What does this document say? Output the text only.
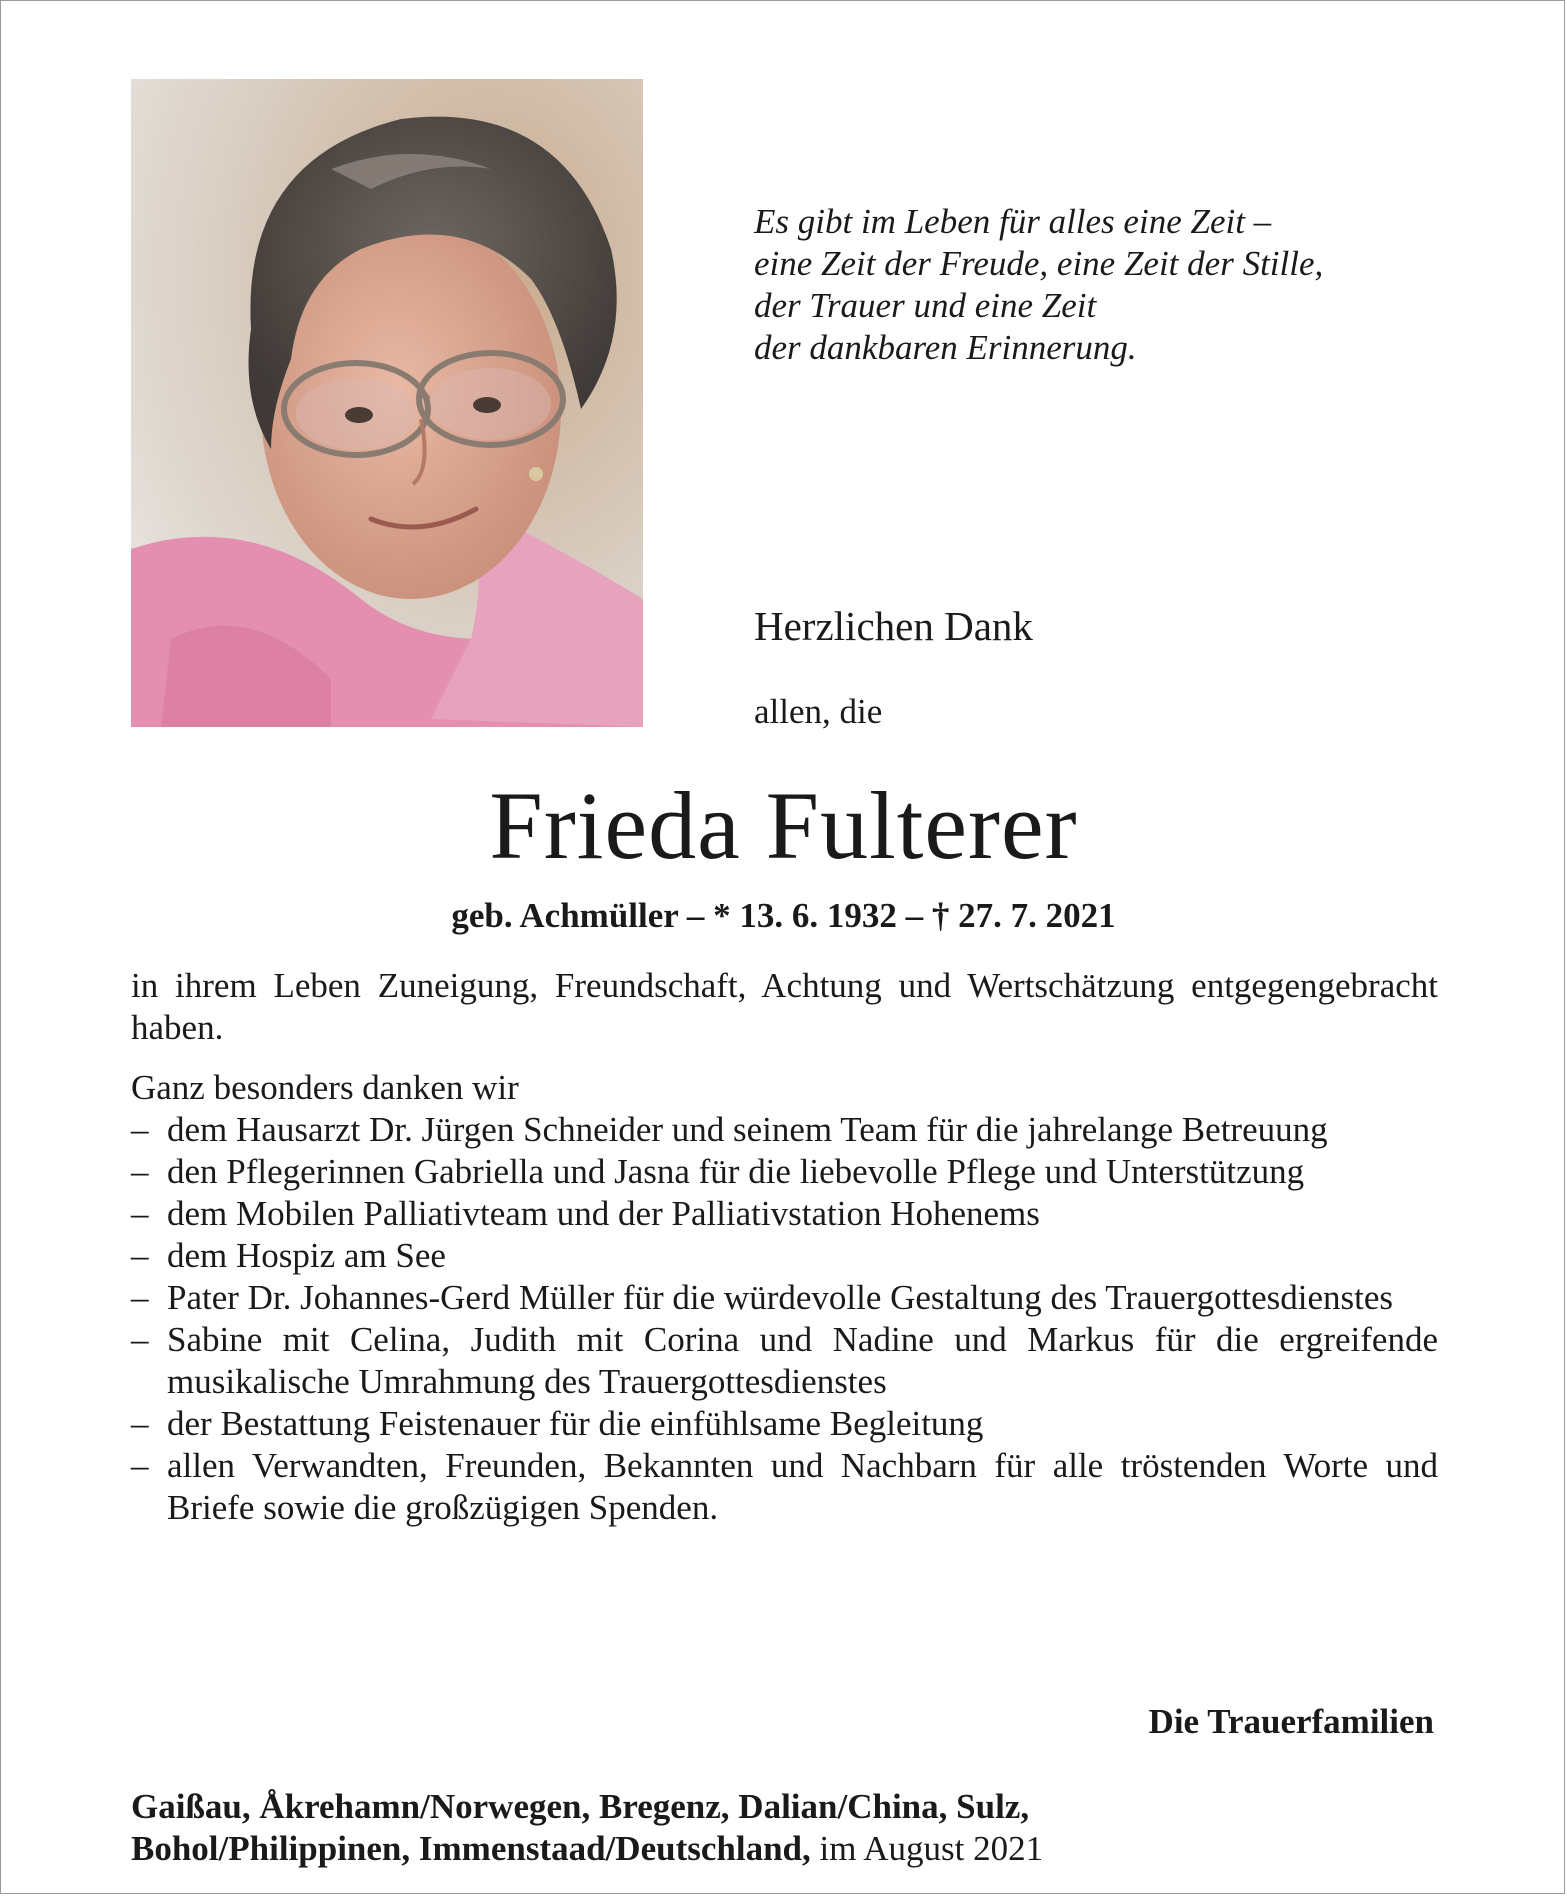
Es gibt im Leben für alles eine Zeit –
eine Zeit der Freude, eine Zeit der Stille,
der Trauer und eine Zeit
der dankbaren Erinnerung.
Herzlichen Dank
allen, die
Frieda Fulterer
geb. Achmüller – * 13. 6. 1932 – † 27. 7. 2021

in ihrem Leben Zuneigung, Freundschaft, Achtung und Wertschätzung entgegengebracht haben.

Ganz besonders danken wir

– dem Hausarzt Dr. Jürgen Schneider und seinem Team für die jahrelange Betreuung
– den Pflegerinnen Gabriella und Jasna für die liebevolle Pflege und Unterstützung
– dem Mobilen Palliativteam und der Palliativstation Hohenems
– dem Hospiz am See
– Pater Dr. Johannes-Gerd Müller für die würdevolle Gestaltung des Trauergottesdienstes
– Sabine mit Celina, Judith mit Corina und Nadine und Markus für die ergreifende musikalische Umrahmung des Trauergottesdienstes
– der Bestattung Feistenauer für die einfühlsame Begleitung
– allen Verwandten, Freunden, Bekannten und Nachbarn für alle tröstenden Worte und Briefe sowie die großzügigen Spenden.
Die Trauerfamilien
Gaißau, Åkrehamn/Norwegen, Bregenz, Dalian/China, Sulz,
Bohol/Philippinen, Immenstaad/Deutschland, im August 2021
